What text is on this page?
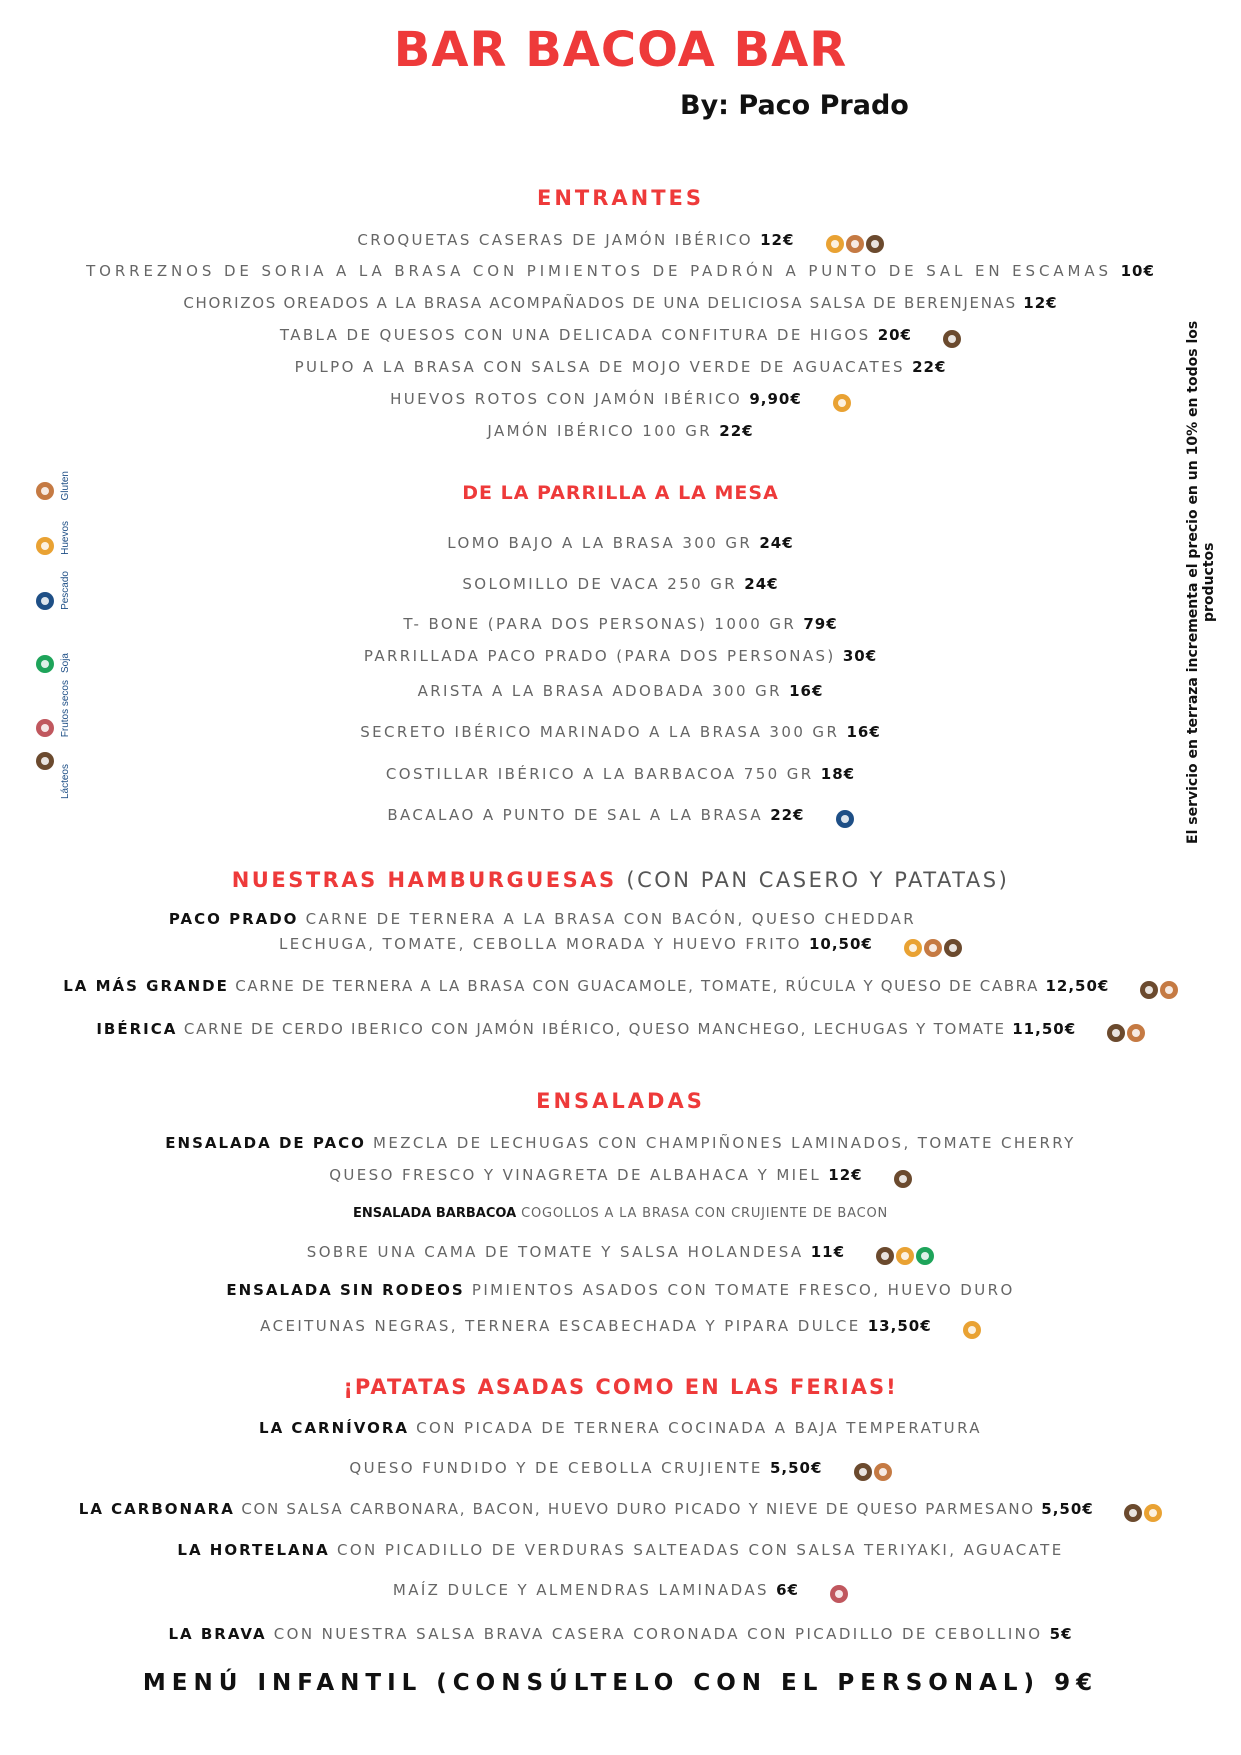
BAR BACOA BAR
By: Paco Prado
El servicio en terraza incrementa el precio en un 10% en todos los productos
Gluten
Huevos
Pescado
Soja
Frutos secos
Lácteos
ENTRANTES
CROQUETAS CASERAS DE JAMÓN IBÉRICO 12€
TORREZNOS DE SORIA A LA BRASA CON PIMIENTOS DE PADRÓN A PUNTO DE SAL EN ESCAMAS 10€
CHORIZOS OREADOS A LA BRASA ACOMPAÑADOS DE UNA DELICIOSA SALSA DE BERENJENAS 12€
TABLA DE QUESOS CON UNA DELICADA CONFITURA DE HIGOS 20€
PULPO A LA BRASA CON SALSA DE MOJO VERDE DE AGUACATES 22€
HUEVOS ROTOS CON JAMÓN IBÉRICO 9,90€
JAMÓN IBÉRICO 100 GR 22€
DE LA PARRILLA A LA MESA
LOMO BAJO A LA BRASA 300 GR 24€
SOLOMILLO DE VACA 250 GR 24€
T- BONE (PARA DOS PERSONAS) 1000 GR 79€
PARRILLADA PACO PRADO (PARA DOS PERSONAS) 30€
ARISTA A LA BRASA ADOBADA 300 GR 16€
SECRETO IBÉRICO MARINADO A LA BRASA 300 GR 16€
COSTILLAR IBÉRICO A LA BARBACOA 750 GR 18€
BACALAO A PUNTO DE SAL A LA BRASA 22€
NUESTRAS HAMBURGUESAS (CON PAN CASERO Y PATATAS)
PACO PRADO CARNE DE TERNERA A LA BRASA CON BACÓN, QUESO CHEDDAR
LECHUGA, TOMATE, CEBOLLA MORADA Y HUEVO FRITO 10,50€
LA MÁS GRANDE CARNE DE TERNERA A LA BRASA CON GUACAMOLE, TOMATE, RÚCULA Y QUESO DE CABRA 12,50€
IBÉRICA CARNE DE CERDO IBERICO CON JAMÓN IBÉRICO, QUESO MANCHEGO, LECHUGAS Y TOMATE 11,50€
ENSALADAS
ENSALADA DE PACO MEZCLA DE LECHUGAS CON CHAMPIÑONES LAMINADOS, TOMATE CHERRY
QUESO FRESCO Y VINAGRETA DE ALBAHACA Y MIEL 12€
ENSALADA BARBACOA COGOLLOS A LA BRASA CON CRUJIENTE DE BACON
SOBRE UNA CAMA DE TOMATE Y SALSA HOLANDESA 11€
ENSALADA SIN RODEOS PIMIENTOS ASADOS CON TOMATE FRESCO, HUEVO DURO
ACEITUNAS NEGRAS, TERNERA ESCABECHADA Y PIPARA DULCE 13,50€
¡PATATAS ASADAS COMO EN LAS FERIAS!
LA CARNÍVORA CON PICADA DE TERNERA COCINADA A BAJA TEMPERATURA
QUESO FUNDIDO Y DE CEBOLLA CRUJIENTE 5,50€
LA CARBONARA CON SALSA CARBONARA, BACON, HUEVO DURO PICADO Y NIEVE DE QUESO PARMESANO 5,50€
LA HORTELANA CON PICADILLO DE VERDURAS SALTEADAS CON SALSA TERIYAKI, AGUACATE
MAÍZ DULCE Y ALMENDRAS LAMINADAS 6€
LA BRAVA CON NUESTRA SALSA BRAVA CASERA CORONADA CON PICADILLO DE CEBOLLINO 5€
MENÚ INFANTIL (CONSÚLTELO CON EL PERSONAL) 9€
